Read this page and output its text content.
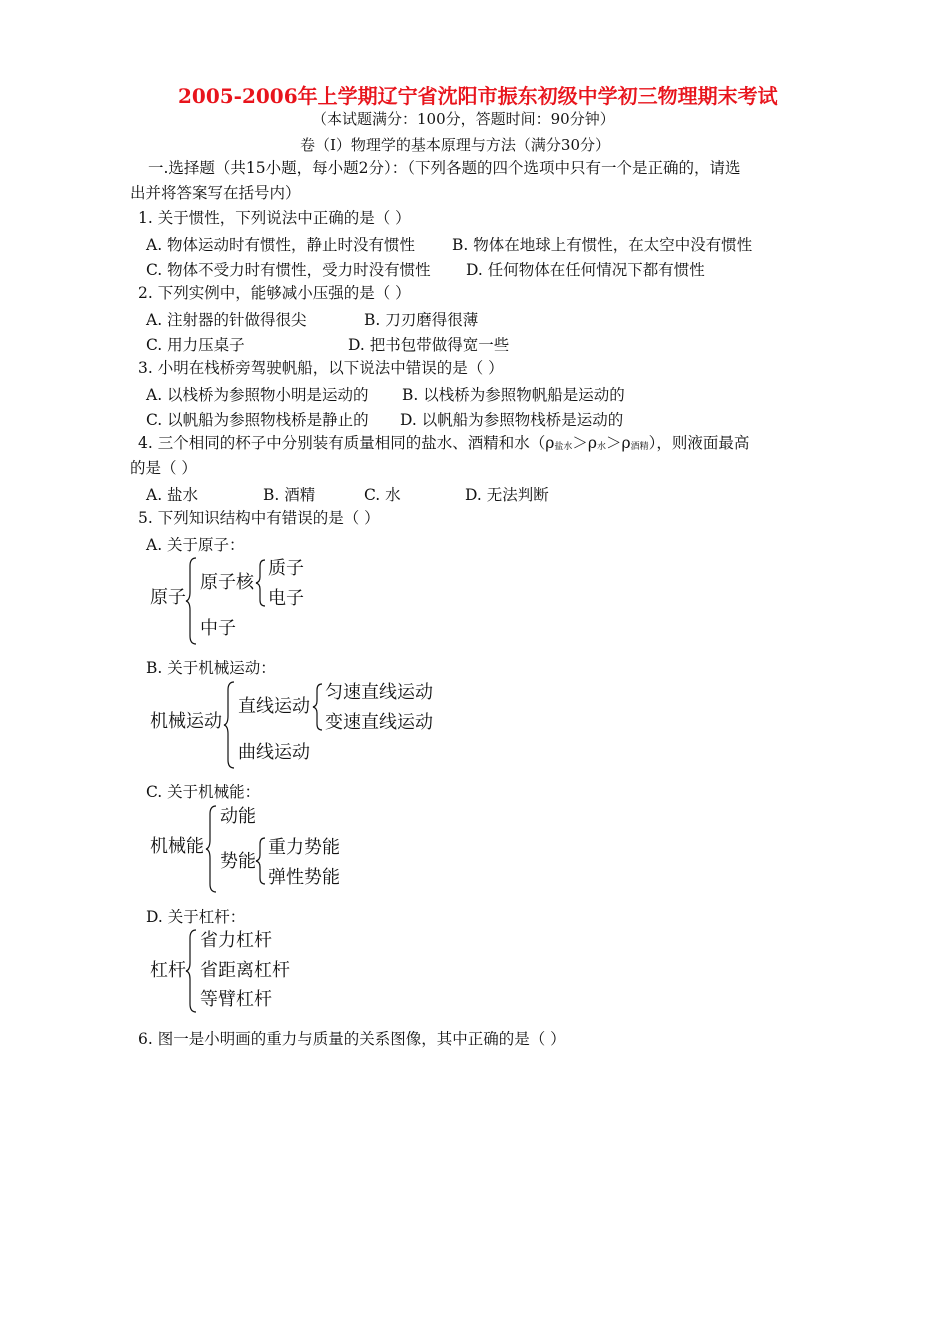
2005-2006年上学期辽宁省沈阳市振东初级中学初三物理期末考试
（本试题满分：100分，答题时间：90分钟）
卷（I）物理学的基本原理与方法（满分30分）
一.选择题（共15小题，每小题2分）：（下列各题的四个选项中只有一个是正确的，请选
出并将答案写在括号内）
1. 关于惯性，下列说法中正确的是（ ）
A. 物体运动时有惯性，静止时没有惯性 B. 物体在地球上有惯性，在太空中没有惯性
C. 物体不受力时有惯性，受力时没有惯性 D. 任何物体在任何情况下都有惯性
2. 下列实例中，能够减小压强的是（ ）
A. 注射器的针做得很尖	B. 刀刃磨得很薄
C. 用力压桌子	D. 把书包带做得宽一些
3. 小明在栈桥旁驾驶帆船，以下说法中错误的是（ ）
A. 以栈桥为参照物小明是运动的 B. 以栈桥为参照物帆船是运动的
C. 以帆船为参照物栈桥是静止的 D. 以帆船为参照物栈桥是运动的
4. 三个相同的杯子中分别装有质量相同的盐水、酒精和水（ρ盐水＞ρ水＞ρ酒精），则液面最高
的是（ ）
A. 盐水	B. 酒精	C. 水	D. 无法判断
5. 下列知识结构中有错误的是（ ）
A. 关于原子：
原子
原子核
质子
电子
中子
B. 关于机械运动：
机械运动
直线运动
匀速直线运动
变速直线运动
曲线运动
C. 关于机械能：
机械能
动能
势能
重力势能
弹性势能
D. 关于杠杆：
杠杆
省力杠杆
省距离杠杆
等臂杠杆
6. 图一是小明画的重力与质量的关系图像，其中正确的是（ ）
